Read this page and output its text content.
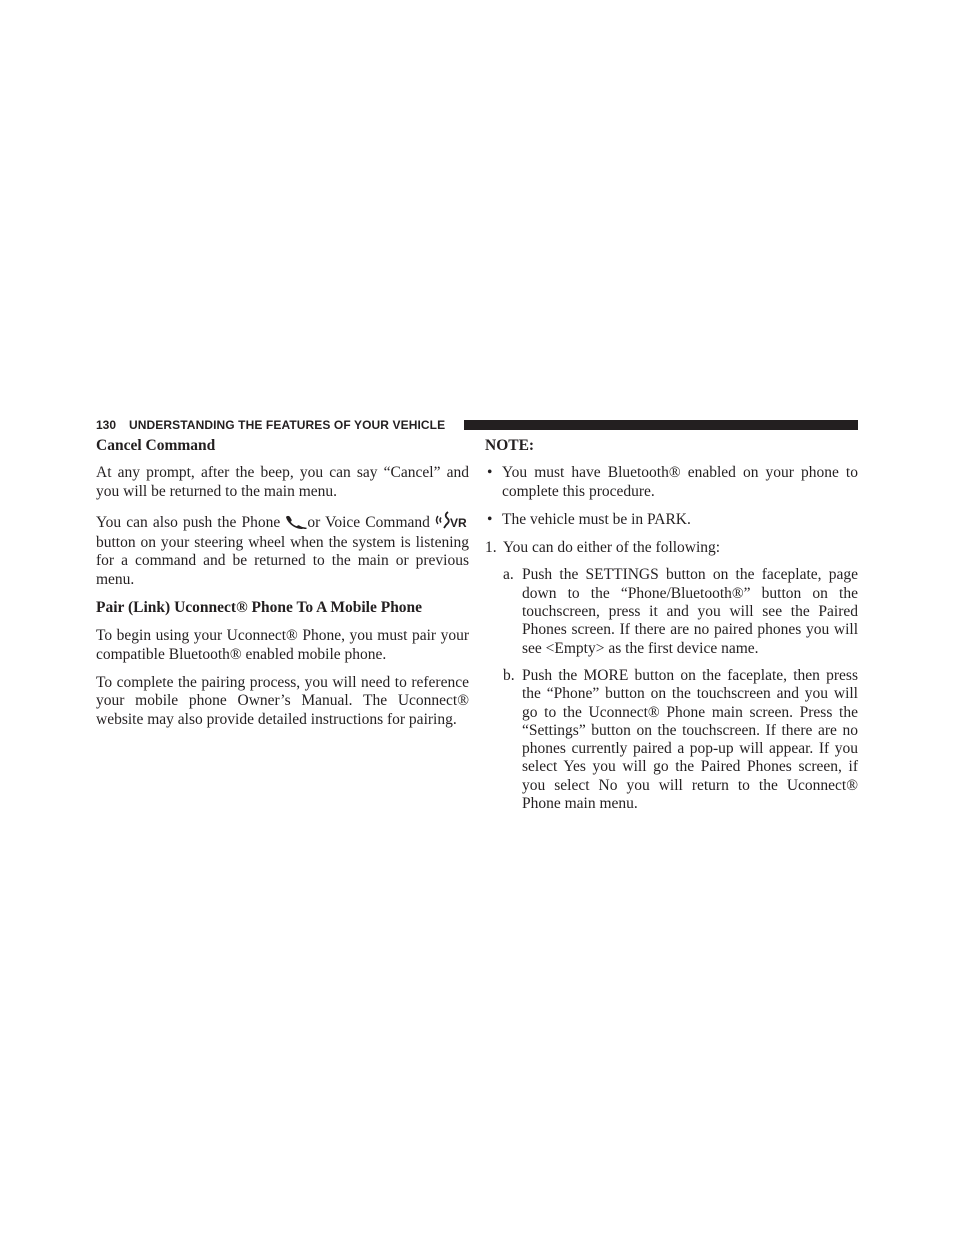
130 UNDERSTANDING THE FEATURES OF YOUR VEHICLE
Cancel Command

At any prompt, after the beep, you can say “Cancel” and you will be returned to the main menu.

You can also push the Phone or Voice Command VR
button on your steering wheel when the system is listening for a command and be returned to the main or previous menu.

Pair (Link) Uconnect® Phone To A Mobile Phone

To begin using your Uconnect® Phone, you must pair your compatible Bluetooth® enabled mobile phone.

To complete the pairing process, you will need to reference your mobile phone Owner’s Manual. The Uconnect® website may also provide detailed instructions for pairing.

NOTE:
• You must have Bluetooth® enabled on your phone to complete this procedure.
• The vehicle must be in PARK.
1. You can do either of the following:
a. Push the SETTINGS button on the faceplate, page down to the “Phone/Bluetooth®” button on the touchscreen, press it and you will see the Paired Phones screen. If there are no paired phones you will see <Empty> as the first device name.
b. Push the MORE button on the faceplate, then press the “Phone” button on the touchscreen and you will go to the Uconnect® Phone main screen. Press the “Settings” button on the touchscreen. If there are no phones currently paired a pop-up will appear. If you select Yes you will go the Paired Phones screen, if you select No you will return to the Uconnect® Phone main menu.
